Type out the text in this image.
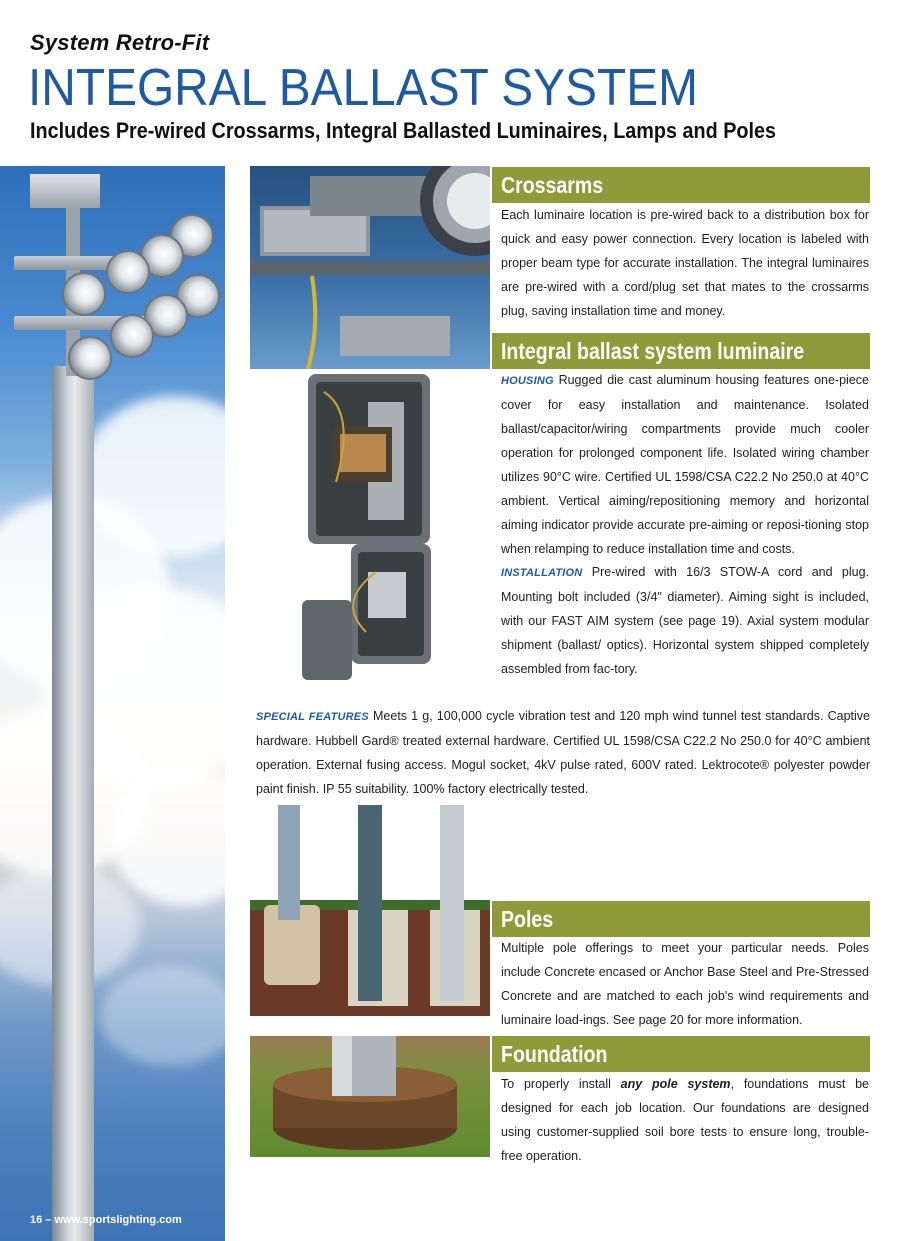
System Retro-Fit
INTEGRAL BALLAST SYSTEM
Includes Pre-wired Crossarms, Integral Ballasted Luminaires, Lamps and Poles
16 – www.sportslighting.com
Crossarms
Each luminaire location is pre-wired back to a distribution box for quick and easy power connection. Every location is labeled with proper beam type for accurate installation. The integral luminaires are pre-wired with a cord/plug set that mates to the crossarms plug, saving installation time and money.
Integral ballast system luminaire
HOUSING Rugged die cast aluminum housing features one-piece cover for easy installation and maintenance. Isolated ballast/capacitor/wiring compartments provide much cooler operation for prolonged component life. Isolated wiring chamber utilizes 90°C wire. Certified UL 1598/CSA C22.2 No 250.0 at 40°C ambient. Vertical aiming/repositioning memory and horizontal aiming indicator provide accurate pre-aiming or reposi-tioning stop when relamping to reduce installation time and costs.
INSTALLATION Pre-wired with 16/3 STOW-A cord and plug. Mounting bolt included (3/4" diameter). Aiming sight is included, with our FAST AIM system (see page 19). Axial system modular shipment (ballast/ optics). Horizontal system shipped completely assembled from fac-tory.
SPECIAL FEATURES Meets 1 g, 100,000 cycle vibration test and 120 mph wind tunnel test standards. Captive hardware. Hubbell Gard® treated external hardware. Certified UL 1598/CSA C22.2 No 250.0 for 40°C ambient operation. External fusing access. Mogul socket, 4kV pulse rated, 600V rated. Lektrocote® polyester powder paint finish. IP 55 suitability. 100% factory electrically tested.
Poles
Multiple pole offerings to meet your particular needs. Poles include Concrete encased or Anchor Base Steel and Pre-Stressed Concrete and are matched to each job's wind requirements and luminaire load-ings. See page 20 for more information.
Foundation
To properly install any pole system, foundations must be designed for each job location. Our foundations are designed using customer-supplied soil bore tests to ensure long, trouble-free operation.
